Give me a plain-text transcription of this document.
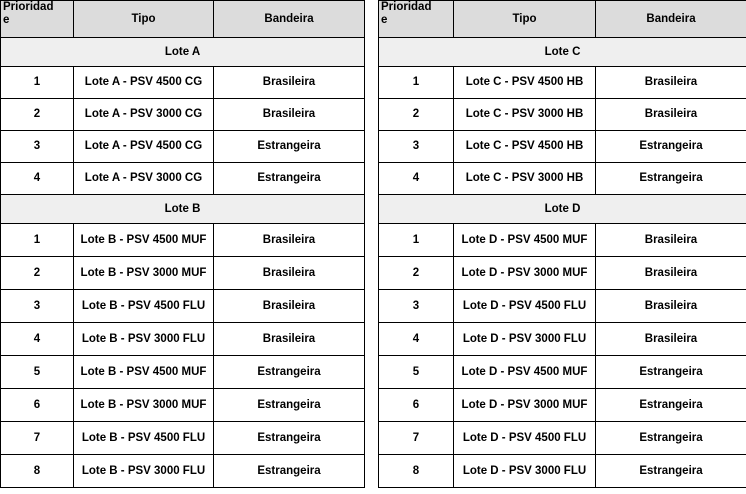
Prioridad
e	Tipo	Bandeira
Lote A		
1	Lote A - PSV 4500 CG	Brasileira
2	Lote A - PSV 3000 CG	Brasileira
3	Lote A - PSV 4500 CG	Estrangeira
4	Lote A - PSV 3000 CG	Estrangeira
Lote B		
1	Lote B - PSV 4500 MUF	Brasileira
2	Lote B - PSV 3000 MUF	Brasileira
3	Lote B - PSV 4500 FLU	Brasileira
4	Lote B - PSV 3000 FLU	Brasileira
5	Lote B - PSV 4500 MUF	Estrangeira
6	Lote B - PSV 3000 MUF	Estrangeira
7	Lote B - PSV 4500 FLU	Estrangeira
8	Lote B - PSV 3000 FLU	Estrangeira
Prioridad
e	Tipo	Bandeira
Lote C		
1	Lote C - PSV 4500 HB	Brasileira
2	Lote C - PSV 3000 HB	Brasileira
3	Lote C - PSV 4500 HB	Estrangeira
4	Lote C - PSV 3000 HB	Estrangeira
Lote D		
1	Lote D - PSV 4500 MUF	Brasileira
2	Lote D - PSV 3000 MUF	Brasileira
3	Lote D - PSV 4500 FLU	Brasileira
4	Lote D - PSV 3000 FLU	Brasileira
5	Lote D - PSV 4500 MUF	Estrangeira
6	Lote D - PSV 3000 MUF	Estrangeira
7	Lote D - PSV 4500 FLU	Estrangeira
8	Lote D - PSV 3000 FLU	Estrangeira
